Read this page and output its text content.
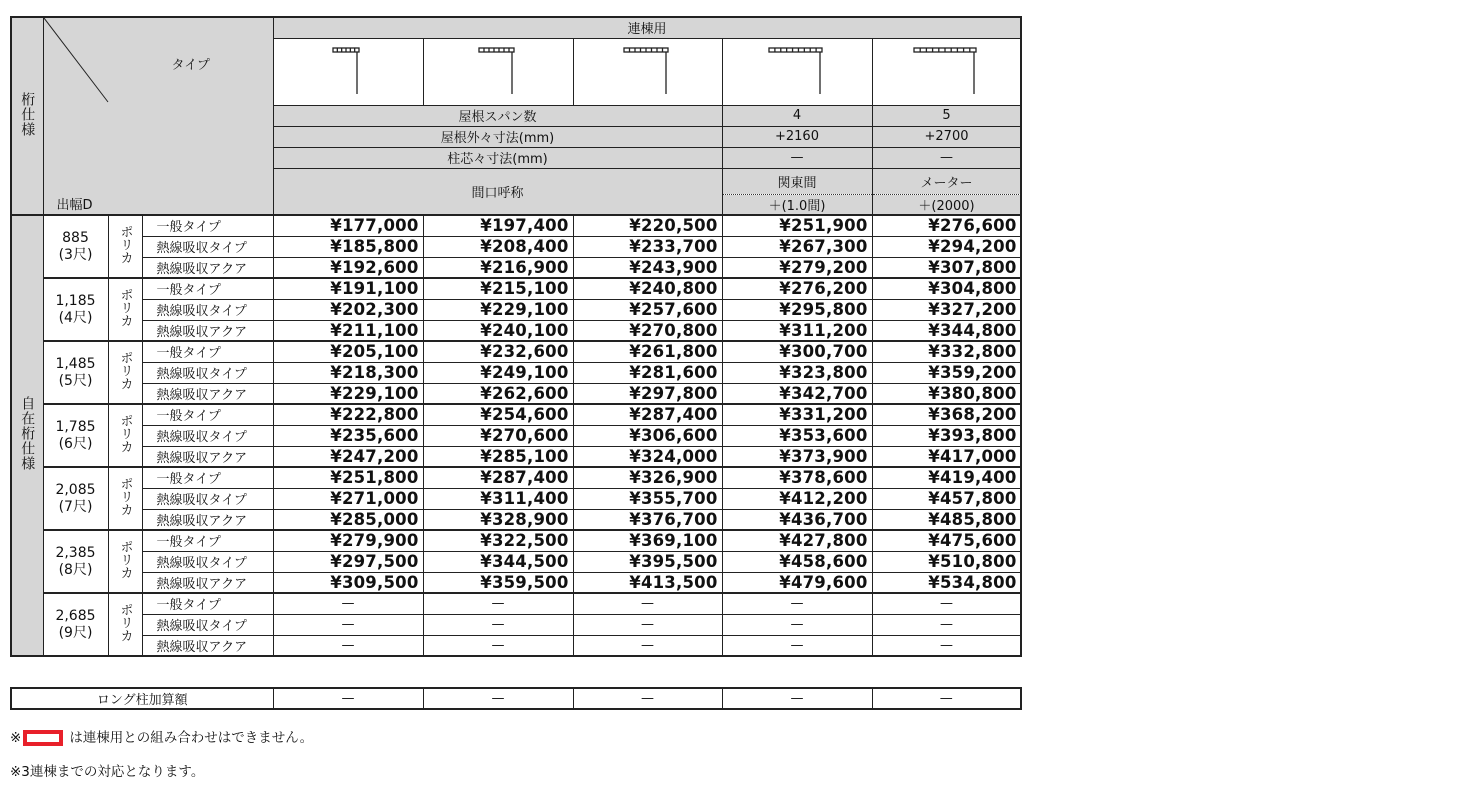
桁仕様	タイプ
出幅D			連棟用					

				屋根スパン数			4	5			
				屋根外々寸法(mm)			+2160	+2700			
				柱芯々寸法(mm)			—	—			
				間口呼称			関東間	メーター			
							＋(1.0間)	＋(2000)			
自在桁仕様	885
(3尺)	ポリカ	一般タイプ	¥177,000	¥197,400	¥220,500	¥251,900	¥276,600	
			熱線吸収タイプ	¥185,800	¥208,400	¥233,700	¥267,300	¥294,200	
			熱線吸収アクア	¥192,600	¥216,900	¥243,900	¥279,200	¥307,800	

	1,185
(4尺)	ポリカ	一般タイプ	¥191,100	¥215,100	¥240,800	¥276,200	¥304,800	
			熱線吸収タイプ	¥202,300	¥229,100	¥257,600	¥295,800	¥327,200	
			熱線吸収アクア	¥211,100	¥240,100	¥270,800	¥311,200	¥344,800	

	1,485
(5尺)	ポリカ	一般タイプ	¥205,100	¥232,600	¥261,800	¥300,700	¥332,800	
			熱線吸収タイプ	¥218,300	¥249,100	¥281,600	¥323,800	¥359,200	
			熱線吸収アクア	¥229,100	¥262,600	¥297,800	¥342,700	¥380,800	

	1,785
(6尺)	ポリカ	一般タイプ	¥222,800	¥254,600	¥287,400	¥331,200	¥368,200	
			熱線吸収タイプ	¥235,600	¥270,600	¥306,600	¥353,600	¥393,800	
			熱線吸収アクア	¥247,200	¥285,100	¥324,000	¥373,900	¥417,000	

	2,085
(7尺)	ポリカ	一般タイプ	¥251,800	¥287,400	¥326,900	¥378,600	¥419,400	
			熱線吸収タイプ	¥271,000	¥311,400	¥355,700	¥412,200	¥457,800	
			熱線吸収アクア	¥285,000	¥328,900	¥376,700	¥436,700	¥485,800	

	2,385
(8尺)	ポリカ	一般タイプ	¥279,900	¥322,500	¥369,100	¥427,800	¥475,600	
			熱線吸収タイプ	¥297,500	¥344,500	¥395,500	¥458,600	¥510,800	
			熱線吸収アクア	¥309,500	¥359,500	¥413,500	¥479,600	¥534,800	

	2,685
(9尺)	ポリカ	一般タイプ	—	—	—	—	—	
			熱線吸収タイプ	—	—	—	—	—	
			熱線吸収アクア	—	—	—	—	—	
ロング柱加算額	—	—	—	—	—
※	は連棟用との組み合わせはできません。
※3連棟までの対応となります。
